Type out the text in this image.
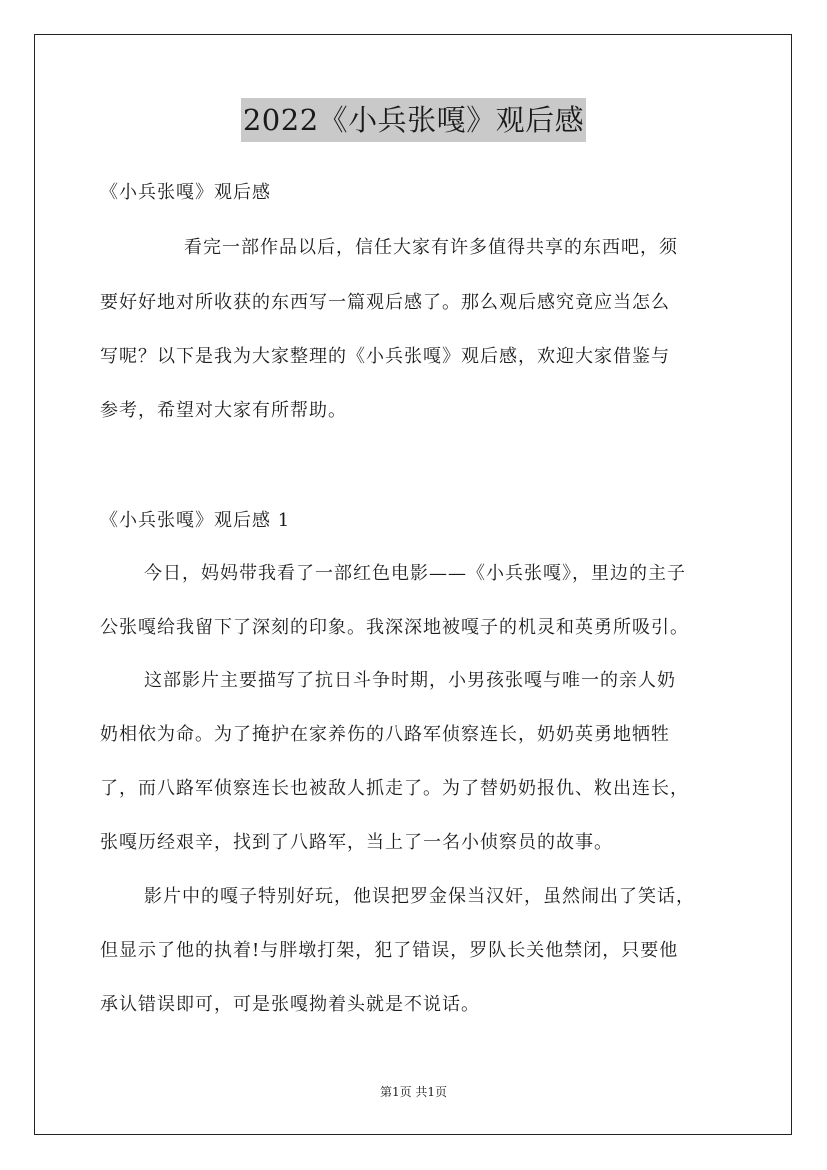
2022《小兵张嘎》观后感
《小兵张嘎》观后感
看完一部作品以后，信任大家有许多值得共享的东西吧，须
要好好地对所收获的东西写一篇观后感了。那么观后感究竟应当怎么
写呢？以下是我为大家整理的《小兵张嘎》观后感，欢迎大家借鉴与
参考，希望对大家有所帮助。
《小兵张嘎》观后感 1
今日，妈妈带我看了一部红色电影——《小兵张嘎》，里边的主子
公张嘎给我留下了深刻的印象。我深深地被嘎子的机灵和英勇所吸引。
这部影片主要描写了抗日斗争时期，小男孩张嘎与唯一的亲人奶
奶相依为命。为了掩护在家养伤的八路军侦察连长，奶奶英勇地牺牲
了，而八路军侦察连长也被敌人抓走了。为了替奶奶报仇、敉出连长，
张嘎历经艰辛，找到了八路军，当上了一名小侦察员的故事。
影片中的嘎子特别好玩，他误把罗金保当汉奸，虽然闹出了笑话，
但显示了他的执着!与胖墩打架，犯了错误，罗队长关他禁闭，只要他
承认错误即可，可是张嘎拗着头就是不说话。
第1页 共1页
